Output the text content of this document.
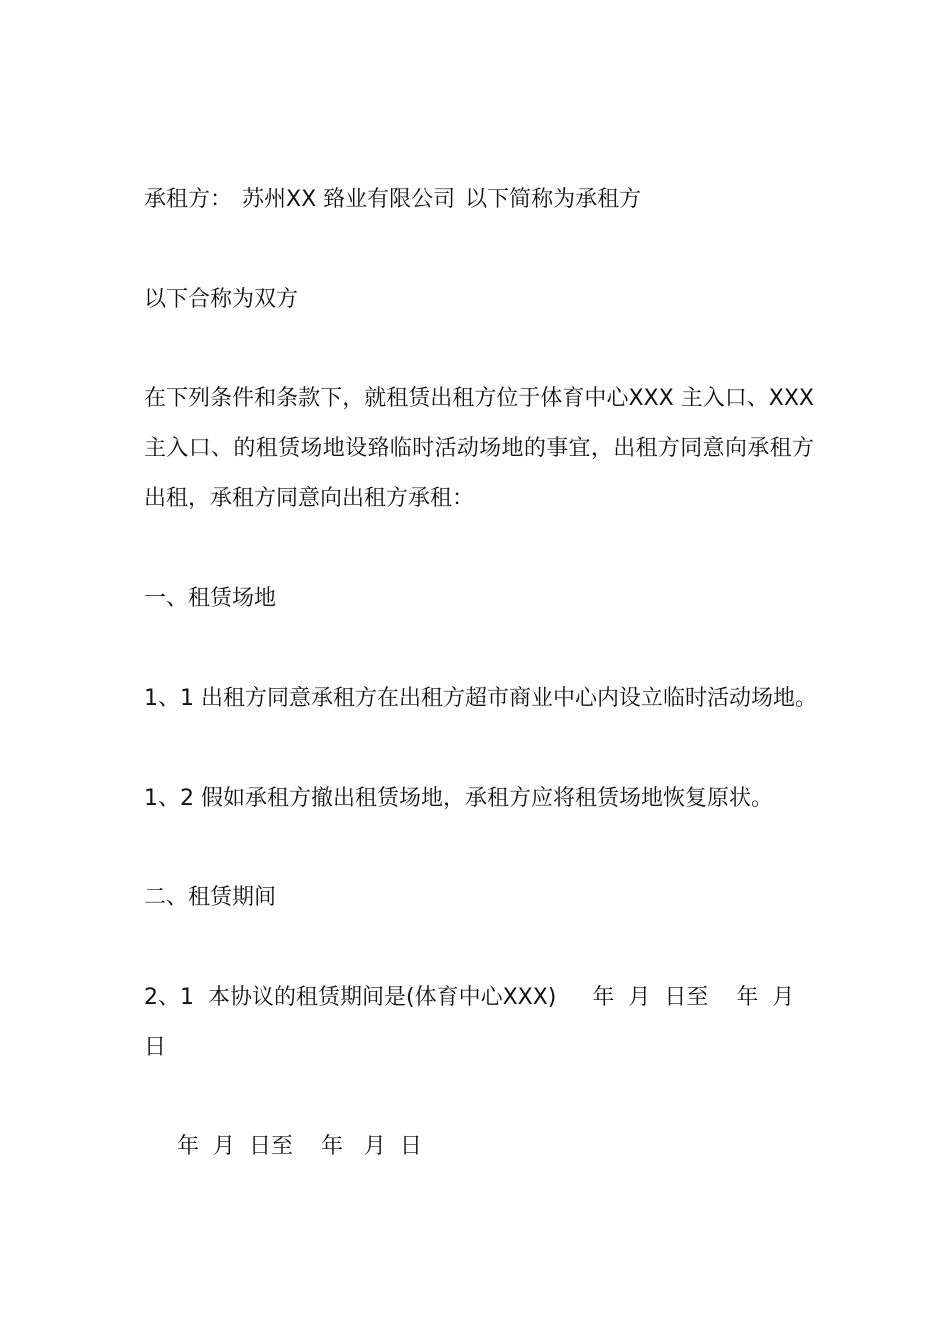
承租方： 苏州XX 臵业有限公司 以下简称为承租方
以下合称为双方
在下列条件和条款下，就租赁出租方位于体育中心XXX 主入口、XXX 主入口、的租赁场地设臵临时活动场地的事宜，出租方同意向承租方出租，承租方同意向出租方承租：
一、租赁场地
1、1 出租方同意承租方在出租方超市商业中心内设立临时活动场地。
1、2 假如承租方撤出租赁场地，承租方应将租赁场地恢复原状。
二、租赁期间
2、1  本协议的租赁期间是(体育中心XXX) 年  月  日至    年  月
日
年  月  日至    年   月  日
